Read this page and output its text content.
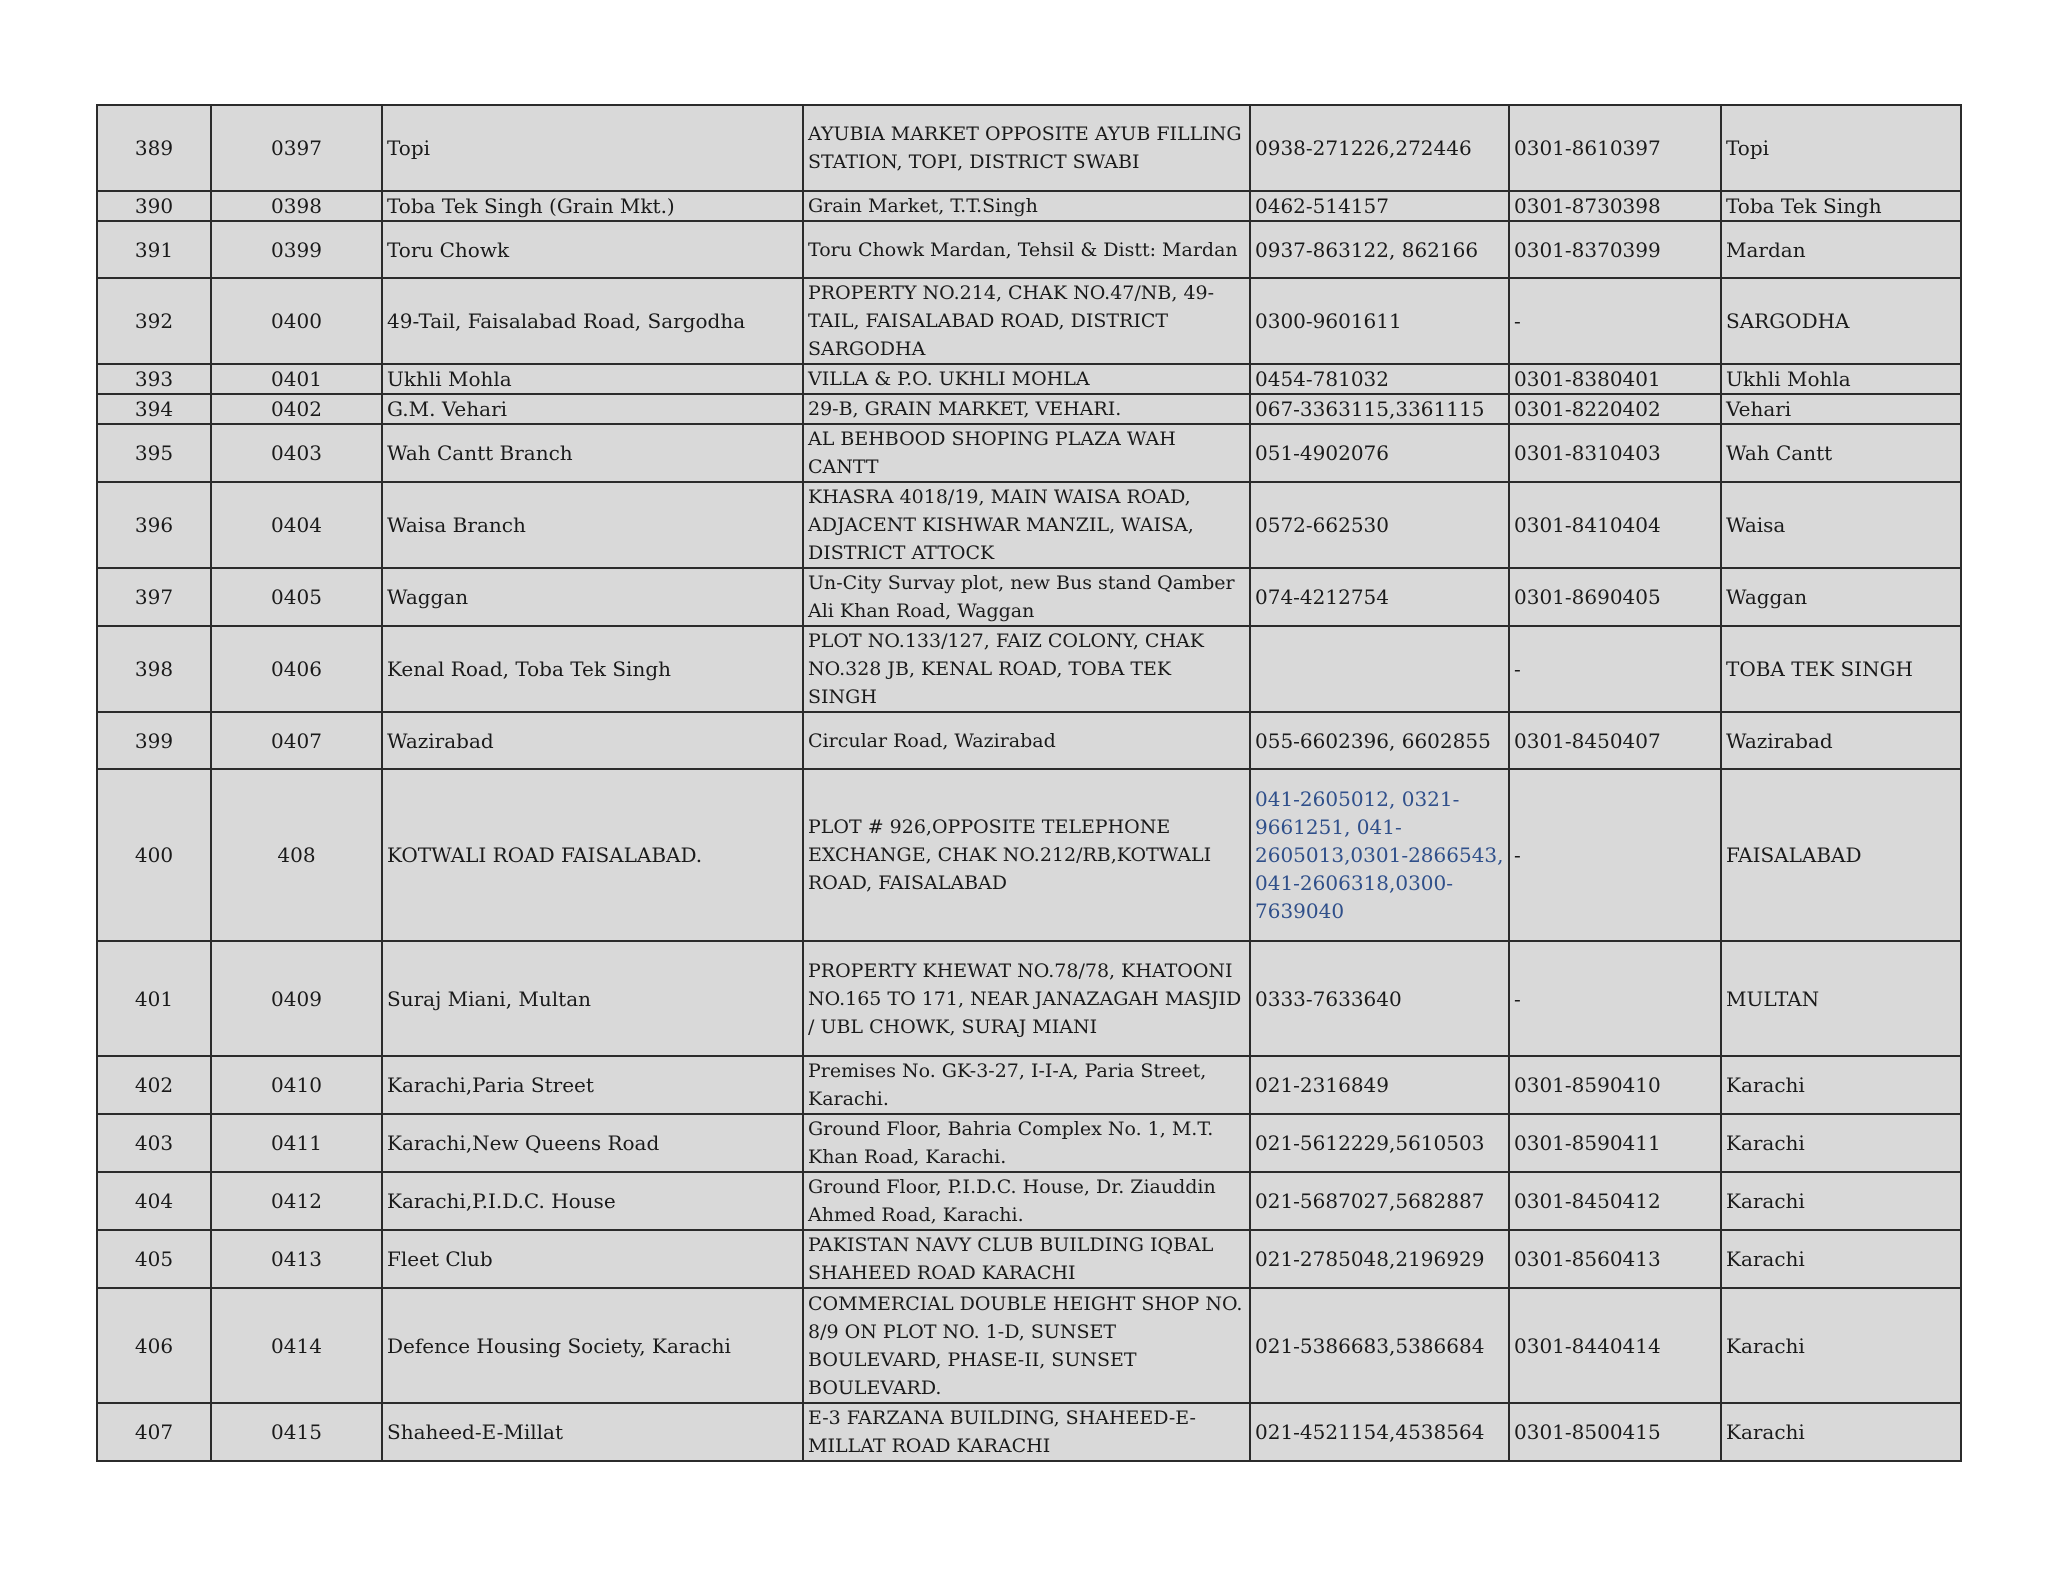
389	0397	Topi	AYUBIA MARKET OPPOSITE AYUB FILLING STATION, TOPI, DISTRICT SWABI	0938-271226,272446	0301-8610397	Topi
390	0398	Toba Tek Singh (Grain Mkt.)	Grain Market, T.T.Singh	0462-514157	0301-8730398	Toba Tek Singh
391	0399	Toru Chowk	Toru Chowk Mardan, Tehsil & Distt: Mardan	0937-863122, 862166	0301-8370399	Mardan
392	0400	49-Tail, Faisalabad Road, Sargodha	PROPERTY NO.214, CHAK NO.47/NB, 49-TAIL, FAISALABAD ROAD, DISTRICT SARGODHA	0300-9601611	-	SARGODHA
393	0401	Ukhli Mohla	VILLA & P.O. UKHLI MOHLA	0454-781032	0301-8380401	Ukhli Mohla
394	0402	G.M. Vehari	29-B, GRAIN MARKET, VEHARI.	067-3363115,3361115	0301-8220402	Vehari
395	0403	Wah Cantt Branch	AL BEHBOOD SHOPING PLAZA WAH CANTT	051-4902076	0301-8310403	Wah Cantt
396	0404	Waisa Branch	KHASRA 4018/19, MAIN WAISA ROAD, ADJACENT KISHWAR MANZIL, WAISA, DISTRICT ATTOCK	0572-662530	0301-8410404	Waisa
397	0405	Waggan	Un-City Survay plot, new Bus stand Qamber Ali Khan Road, Waggan	074-4212754	0301-8690405	Waggan
398	0406	Kenal Road, Toba Tek Singh	PLOT NO.133/127, FAIZ COLONY, CHAK NO.328 JB, KENAL ROAD, TOBA TEK SINGH		-	TOBA TEK SINGH
399	0407	Wazirabad	Circular Road, Wazirabad	055-6602396, 6602855	0301-8450407	Wazirabad
400	408	KOTWALI ROAD FAISALABAD.	PLOT # 926,OPPOSITE TELEPHONE EXCHANGE, CHAK NO.212/RB,KOTWALI ROAD, FAISALABAD	041-2605012, 0321-9661251, 041-2605013,0301-2866543, 041-2606318,0300-7639040	-	FAISALABAD
401	0409	Suraj Miani, Multan	PROPERTY KHEWAT NO.78/78, KHATOONI NO.165 TO 171, NEAR JANAZAGAH MASJID / UBL CHOWK, SURAJ MIANI	0333-7633640	-	MULTAN
402	0410	Karachi,Paria Street	Premises No. GK-3-27, I-I-A, Paria Street, Karachi.	021-2316849	0301-8590410	Karachi
403	0411	Karachi,New Queens Road	Ground Floor, Bahria Complex No. 1, M.T. Khan Road, Karachi.	021-5612229,5610503	0301-8590411	Karachi
404	0412	Karachi,P.I.D.C. House	Ground Floor, P.I.D.C. House, Dr. Ziauddin Ahmed Road, Karachi.	021-5687027,5682887	0301-8450412	Karachi
405	0413	Fleet Club	PAKISTAN NAVY CLUB BUILDING IQBAL SHAHEED ROAD KARACHI	021-2785048,2196929	0301-8560413	Karachi
406	0414	Defence Housing Society, Karachi	COMMERCIAL DOUBLE HEIGHT SHOP NO. 8/9 ON PLOT NO. 1-D, SUNSET BOULEVARD, PHASE-II, SUNSET BOULEVARD.	021-5386683,5386684	0301-8440414	Karachi
407	0415	Shaheed-E-Millat	E-3 FARZANA BUILDING, SHAHEED-E-MILLAT ROAD KARACHI	021-4521154,4538564	0301-8500415	Karachi
